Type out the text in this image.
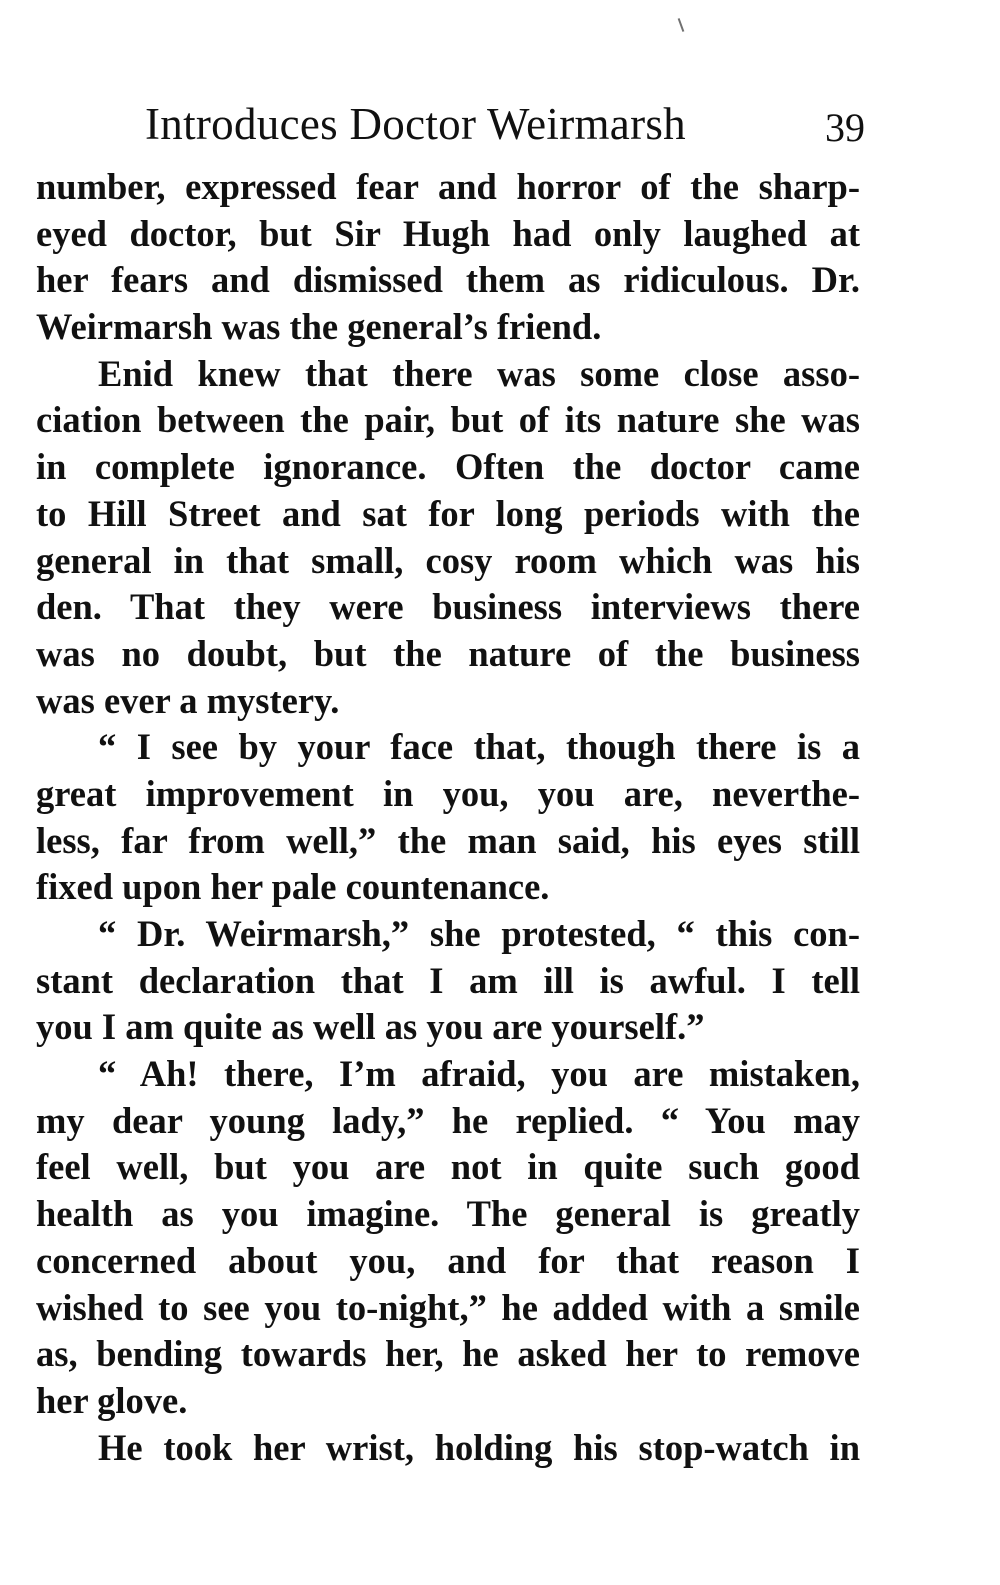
Introduces Doctor Weirmarsh	39
number, expressed fear and horror of the sharp-
eyed doctor, but Sir Hugh had only laughed at
her fears and dismissed them as ridiculous. Dr.
Weirmarsh was the general’s friend.
Enid knew that there was some close asso-
ciation between the pair, but of its nature she was
in complete ignorance. Often the doctor came
to Hill Street and sat for long periods with the
general in that small, cosy room which was his
den. That they were business interviews there
was no doubt, but the nature of the business
was ever a mystery.
“ I see by your face that, though there is a
great improvement in you, you are, neverthe-
less, far from well,” the man said, his eyes still
fixed upon her pale countenance.
“ Dr. Weirmarsh,” she protested, “ this con-
stant declaration that I am ill is awful. I tell
you I am quite as well as you are yourself.”
“ Ah! there, I’m afraid, you are mistaken,
my dear young lady,” he replied. “ You may
feel well, but you are not in quite such good
health as you imagine. The general is greatly
concerned about you, and for that reason I
wished to see you to-night,” he added with a smile
as, bending towards her, he asked her to remove
her glove.
He took her wrist, holding his stop-watch in
